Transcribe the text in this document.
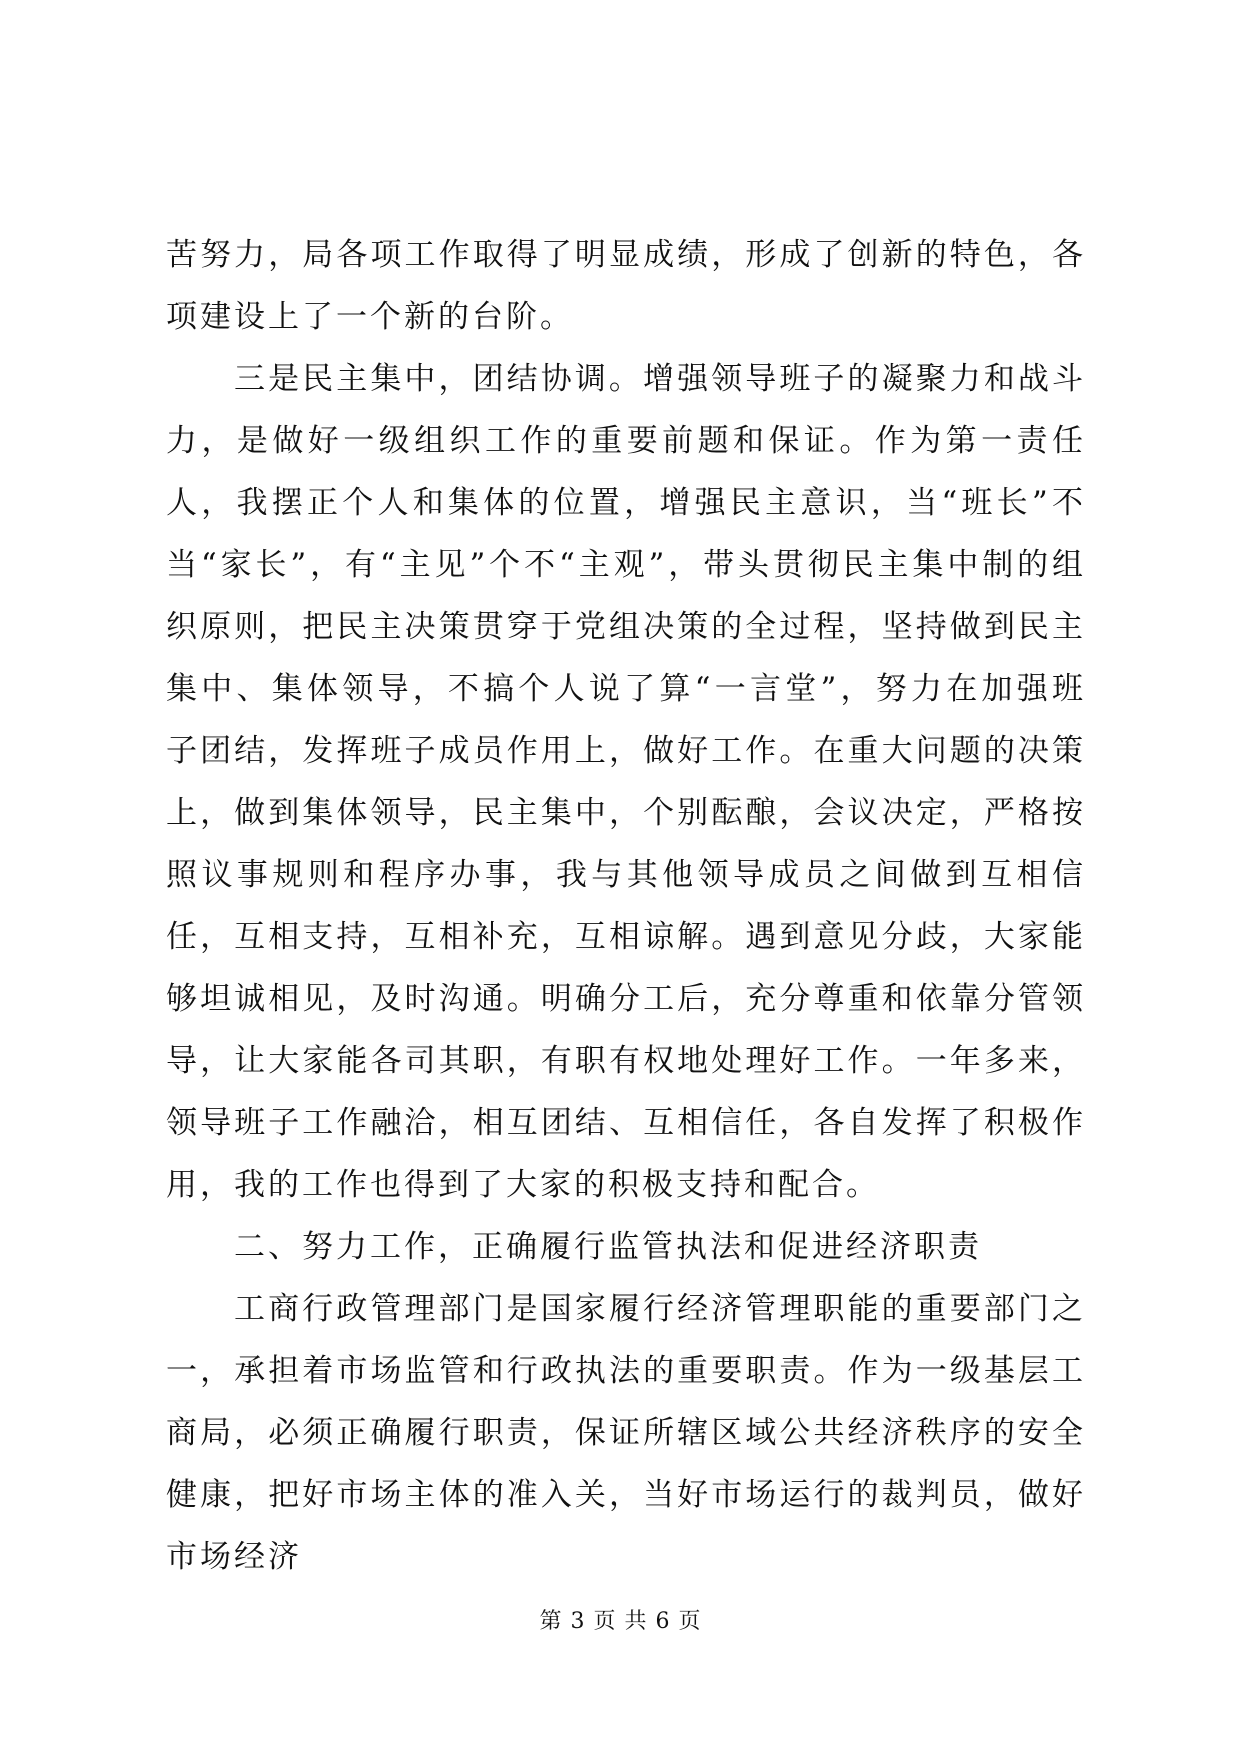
苦努力，局各项工作取得了明显成绩，形成了创新的特色，各项建设上了一个新的台阶。

三是民主集中，团结协调。增强领导班子的凝聚力和战斗力，是做好一级组织工作的重要前题和保证。作为第一责任人，我摆正个人和集体的位置，增强民主意识，当“班长”不当“家长”，有“主见”个不“主观”，带头贯彻民主集中制的组织原则，把民主决策贯穿于党组决策的全过程，坚持做到民主集中、集体领导，不搞个人说了算“一言堂”，努力在加强班子团结，发挥班子成员作用上，做好工作。在重大问题的决策上，做到集体领导，民主集中，个别酝酿，会议决定，严格按照议事规则和程序办事，我与其他领导成员之间做到互相信任，互相支持，互相补充，互相谅解。遇到意见分歧，大家能够坦诚相见，及时沟通。明确分工后，充分尊重和依靠分管领导，让大家能各司其职，有职有权地处理好工作。一年多来，领导班子工作融洽，相互团结、互相信任，各自发挥了积极作用，我的工作也得到了大家的积极支持和配合。

二、努力工作，正确履行监管执法和促进经济职责

工商行政管理部门是国家履行经济管理职能的重要部门之一，承担着市场监管和行政执法的重要职责。作为一级基层工商局，必须正确履行职责，保证所辖区域公共经济秩序的安全健康，把好市场主体的准入关，当好市场运行的裁判员，做好市场经济

第 3 页 共 6 页
